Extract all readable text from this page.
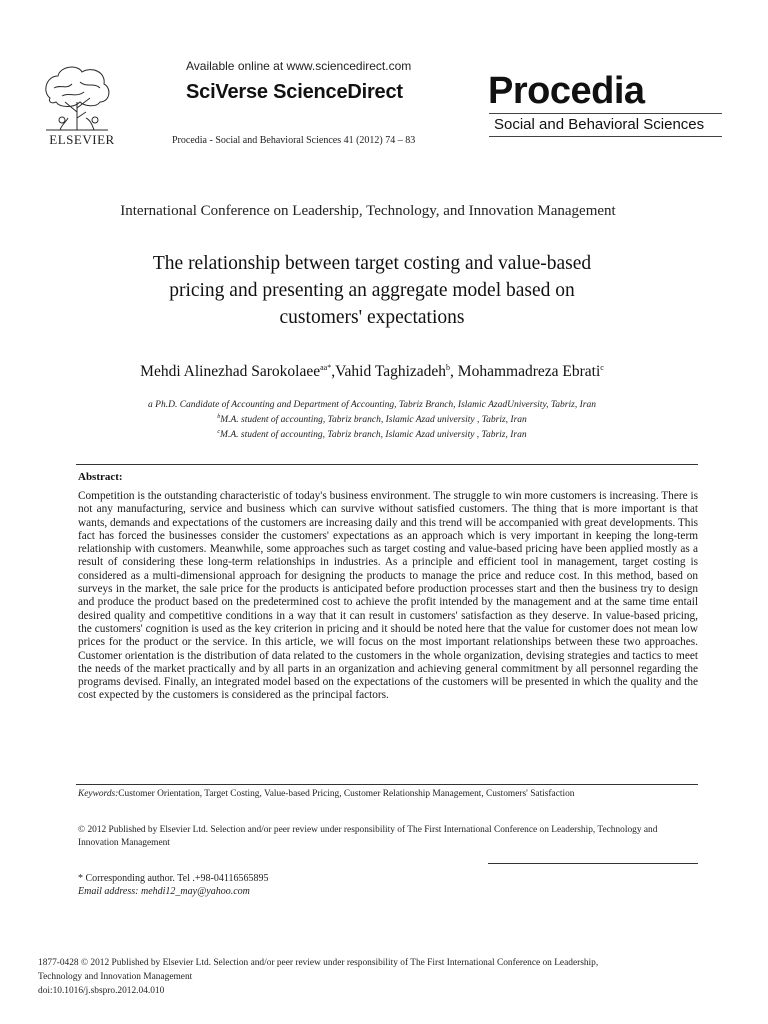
ELSEVIER
Available online at www.sciencedirect.com
SciVerse ScienceDirect
Procedia - Social and Behavioral Sciences 41 (2012) 74 – 83
Procedia
Social and Behavioral Sciences
International Conference on Leadership, Technology, and Innovation Management
The relationship between target costing and value-based
pricing and presenting an aggregate model based on
customers' expectations
Mehdi Alinezhad Sarokolaee$^{aa*}$,Vahid Taghizadeh$^b$, Mohammadreza Ebrati$^c$
a Ph.D. Candidate of Accounting and Department of Accounting, Tabriz Branch, Islamic AzadUniversity, Tabriz, Iran
$^b$M.A. student of accounting, Tabriz branch, Islamic Azad university , Tabriz, Iran
$^c$M.A. student of accounting, Tabriz branch, Islamic Azad university , Tabriz, Iran
Abstract:
Competition is the outstanding characteristic of today's business environment. The struggle to win more customers is increasing. There is not any manufacturing, service and business which can survive without satisfied customers. The thing that is more important is that wants, demands and expectations of the customers are increasing daily and this trend will be accompanied with great developments. This fact has forced the businesses consider the customers' expectations as an approach which is very important in keeping the long-term relationship with customers. Meanwhile, some approaches such as target costing and value-based pricing have been applied mostly as a result of considering these long-term relationships in industries. As a principle and efficient tool in management, target costing is considered as a multi-dimensional approach for designing the products to manage the price and reduce cost. In this method, based on surveys in the market, the sale price for the products is anticipated before production processes start and then the business try to design and produce the product based on the predetermined cost to achieve the profit intended by the management and at the same time entail desired quality and competitive conditions in a way that it can result in customers' satisfaction as they deserve. In value-based pricing, the customers' cognition is used as the key criterion in pricing and it should be noted here that the value for customer does not mean low prices for the product or the service. In this article, we will focus on the most important relationships between these two approaches. Customer orientation is the distribution of data related to the customers in the whole organization, devising strategies and tactics to meet the needs of the market practically and by all parts in an organization and achieving general commitment by all personnel regarding the programs devised. Finally, an integrated model based on the expectations of the customers will be presented in which the quality and the cost expected by the customers is considered as the principal factors.
Keywords:Customer Orientation, Target Costing, Value-based Pricing, Customer Relationship Management, Customers' Satisfaction
© 2012 Published by Elsevier Ltd. Selection and/or peer review under responsibility of The First International Conference on Leadership, Technology and Innovation Management
* Corresponding author. Tel .+98-04116565895
Email address: mehdi12_may@yahoo.com
1877-0428 © 2012 Published by Elsevier Ltd. Selection and/or peer review under responsibility of The First International Conference on Leadership,
Technology and Innovation Management
doi:10.1016/j.sbspro.2012.04.010
